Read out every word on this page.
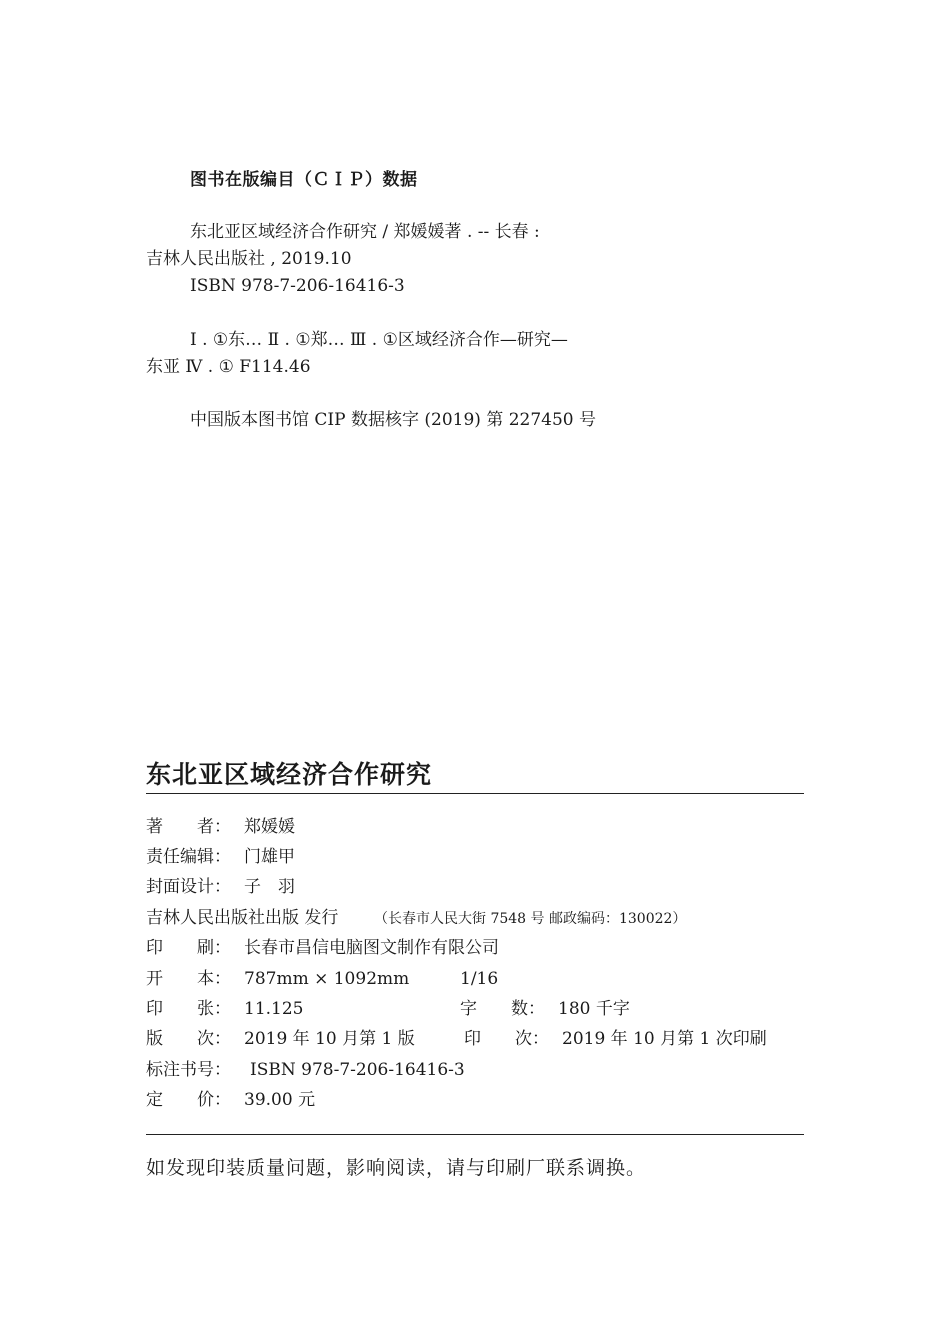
图书在版编目（ＣＩＰ）数据
东北亚区域经济合作研究 / 郑媛媛著 . -- 长春 :
吉林人民出版社 , 2019.10
ISBN 978-7-206-16416-3
Ⅰ . ①东… Ⅱ . ①郑… Ⅲ . ①区域经济合作—研究—
东亚 Ⅳ . ① F114.46
中国版本图书馆 CIP 数据核字 (2019) 第 227450 号
东北亚区域经济合作研究
著　　者： 郑媛媛
责任编辑： 门雄甲
封面设计： 子　羽
吉林人民出版社出版 发行	（长春市人民大街 7548 号 邮政编码：130022）
印　　刷： 长春市昌信电脑图文制作有限公司
开　　本： 787mm × 1092mm	1/16
印　　张： 11.125	字　　数： 180 千字
版　　次： 2019 年 10 月第 1 版	印　　次： 2019 年 10 月第 1 次印刷
标注书号： ISBN 978-7-206-16416-3
定　　价： 39.00 元
如发现印装质量问题，影响阅读，请与印刷厂联系调换。
